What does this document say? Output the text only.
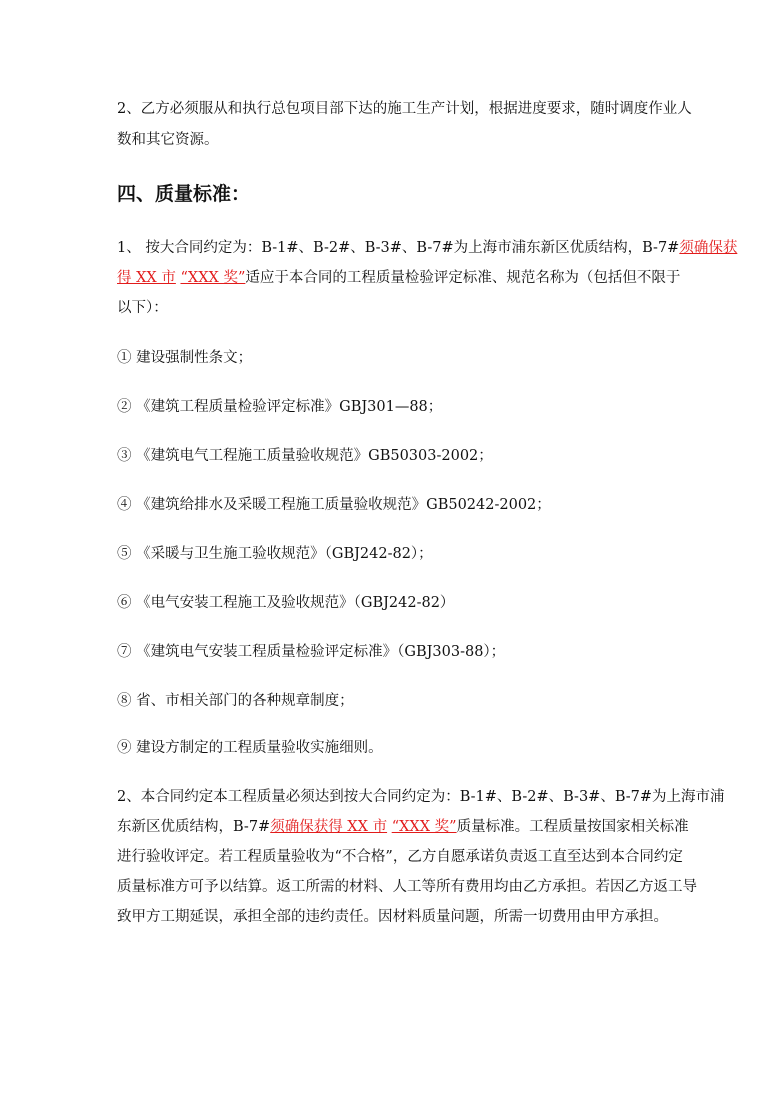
2、乙方必须服从和执行总包项目部下达的施工生产计划，根据进度要求，随时调度作业人
数和其它资源。
四、质量标准：
1、 按大合同约定为：B-1#、B-2#、B-3#、B-7#为上海市浦东新区优质结构，B-7#须确保获
得 XX 市 “XXX 奖”适应于本合同的工程质量检验评定标准、规范名称为（包括但不限于
以下）：
① 建设强制性条文；
② 《建筑工程质量检验评定标准》GBJ301—88；
③ 《建筑电气工程施工质量验收规范》GB50303-2002；
④ 《建筑给排水及采暖工程施工质量验收规范》GB50242-2002；
⑤ 《采暖与卫生施工验收规范》（GBJ242-82）；
⑥ 《电气安装工程施工及验收规范》（GBJ242-82）
⑦ 《建筑电气安装工程质量检验评定标准》（GBJ303-88）；
⑧ 省、市相关部门的各种规章制度；
⑨ 建设方制定的工程质量验收实施细则。
2、本合同约定本工程质量必须达到按大合同约定为：B-1#、B-2#、B-3#、B-7#为上海市浦
东新区优质结构，B-7#须确保获得 XX 市 “XXX 奖”质量标准。工程质量按国家相关标准
进行验收评定。若工程质量验收为“不合格”，乙方自愿承诺负责返工直至达到本合同约定
质量标准方可予以结算。返工所需的材料、人工等所有费用均由乙方承担。若因乙方返工导
致甲方工期延误，承担全部的违约责任。因材料质量问题，所需一切费用由甲方承担。
